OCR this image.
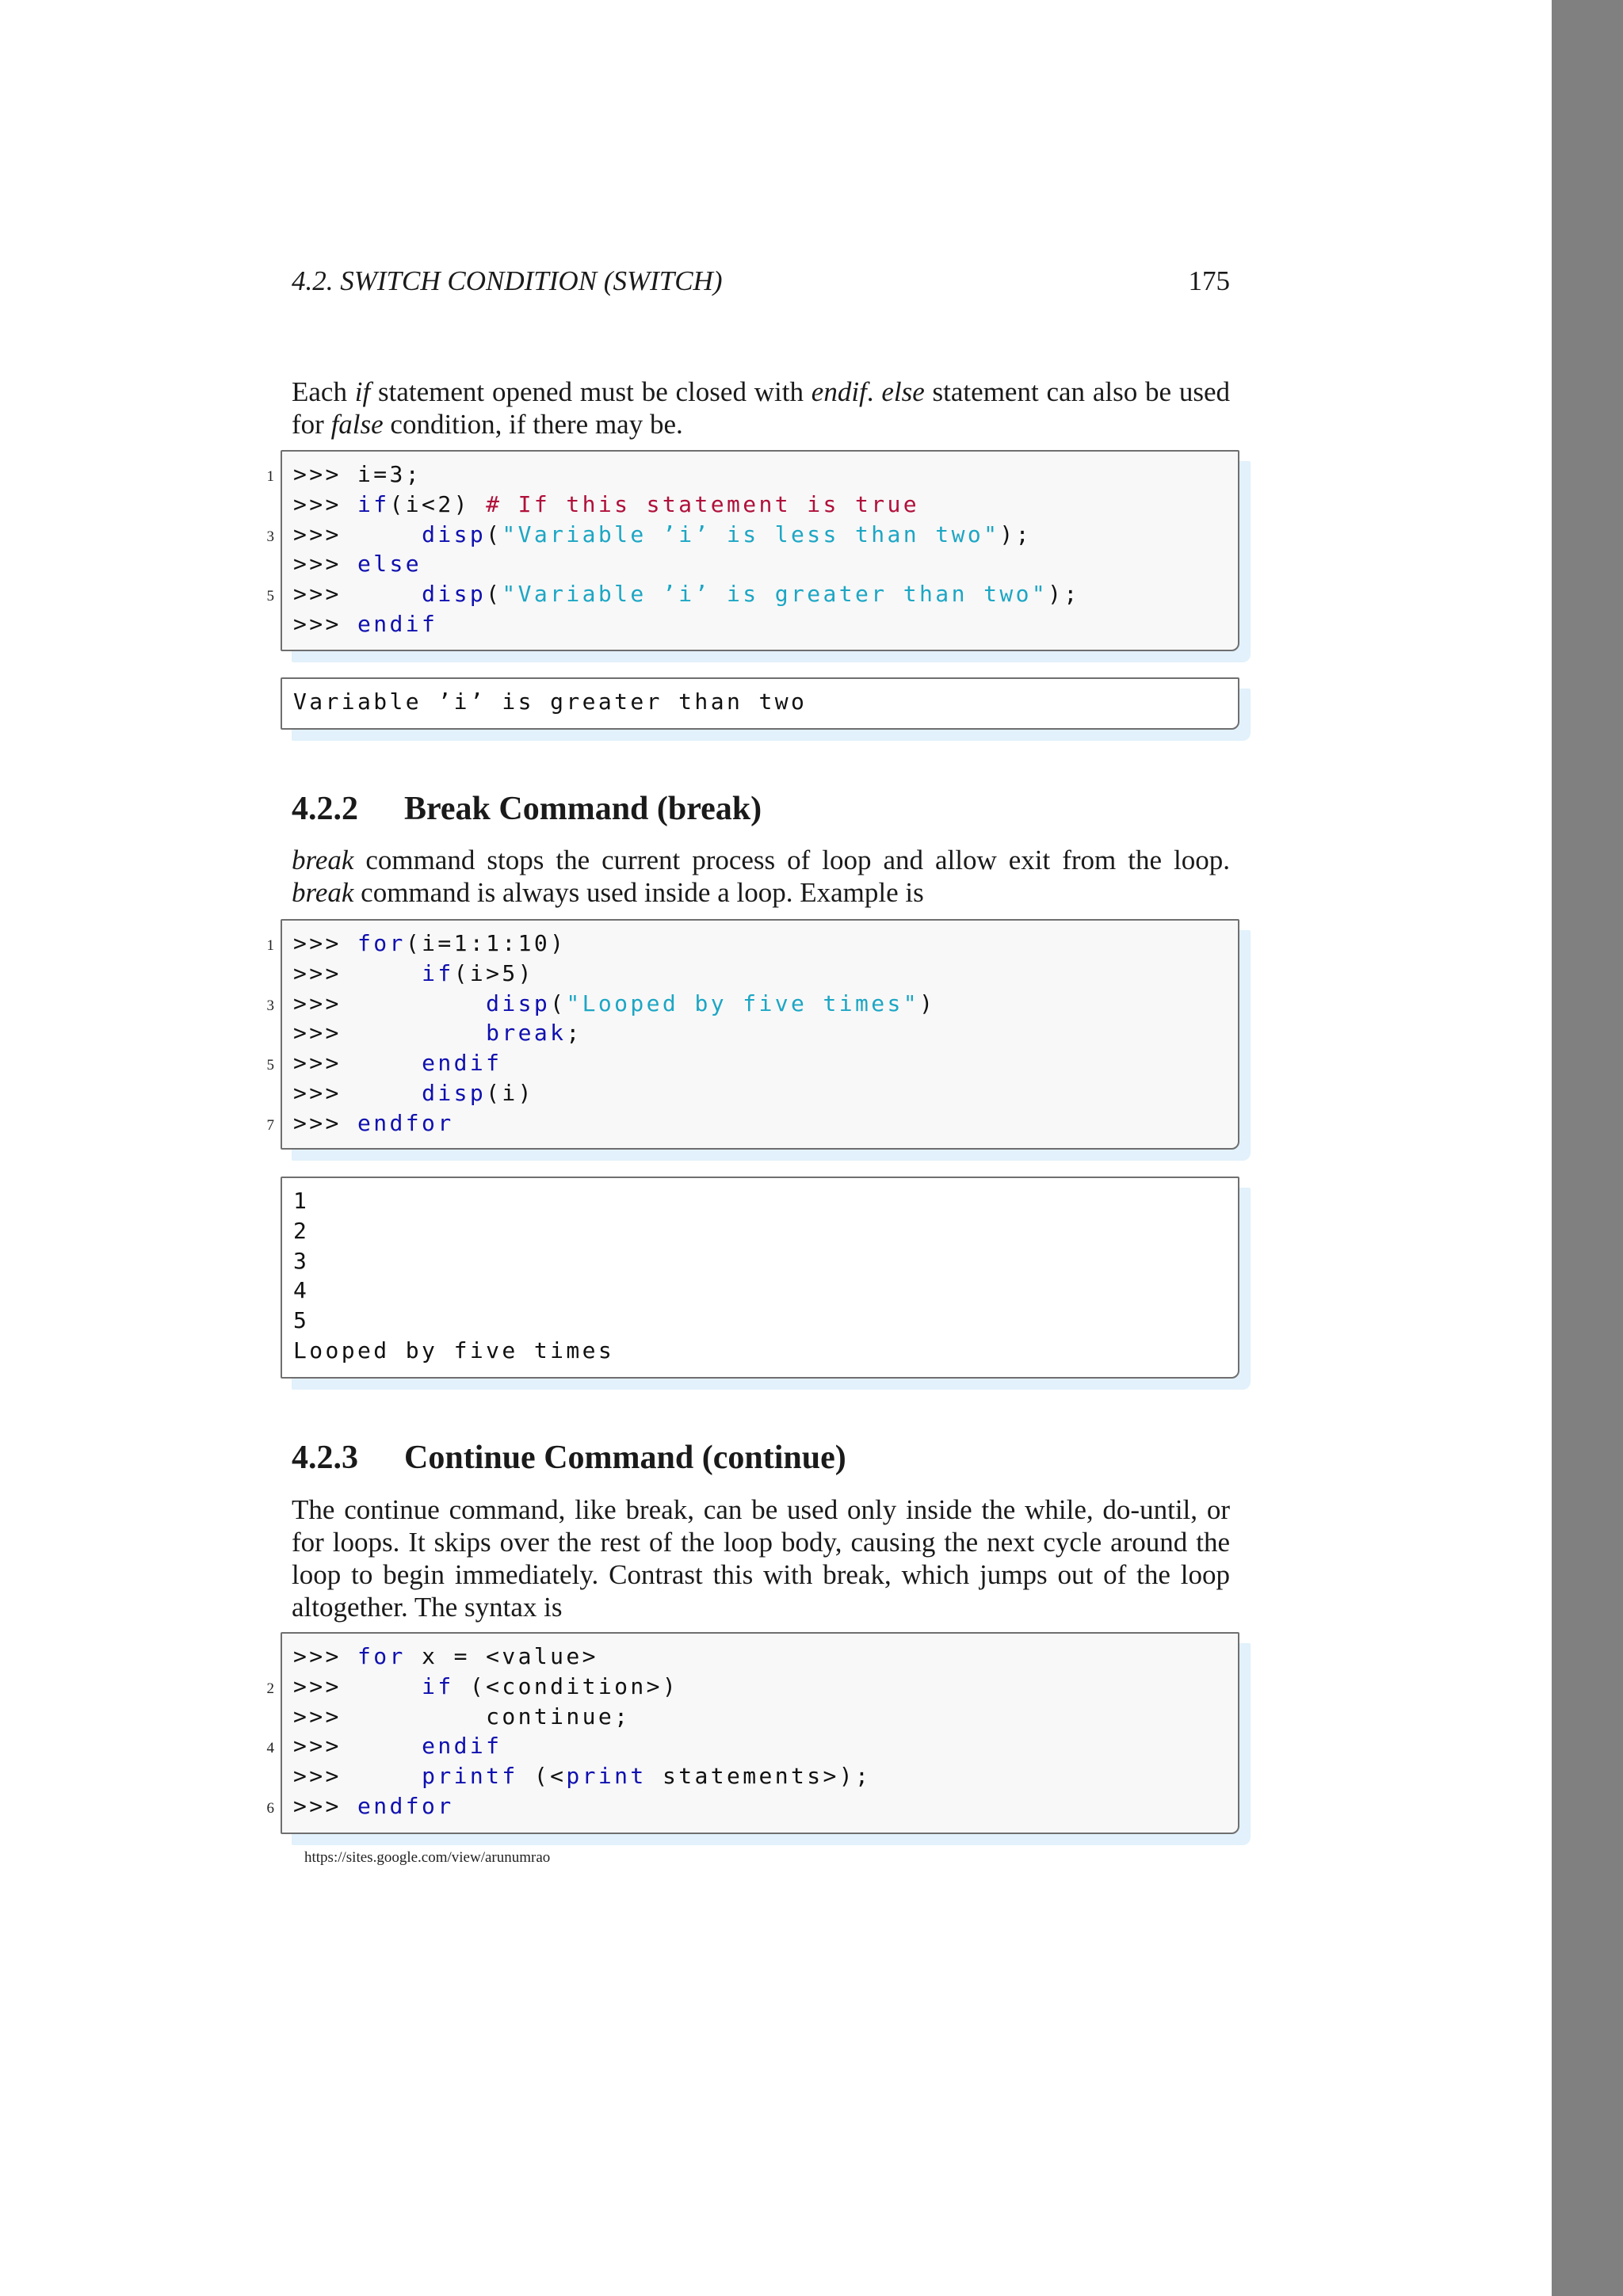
4.2. SWITCH CONDITION (SWITCH)	175

Each if statement opened must be closed with endif. else statement can also be used for false condition, if there may be.

>>> i=3;
>>> if(i<2) # If this statement is true
>>>     disp("Variable ’i’ is less than two");
>>> else
>>>     disp("Variable ’i’ is greater than two");
>>> endif
1
3
5
Variable ’i’ is greater than two
4.2.2 Break Command (break)

break command stops the current process of loop and allow exit from the loop. break command is always used inside a loop. Example is

>>> for(i=1:1:10)
>>>     if(i>5)
>>>         disp("Looped by five times")
>>>         break;
>>>     endif
>>>     disp(i)
>>> endfor
1
3
5
7
1
2
3
4
5
Looped by five times
4.2.3 Continue Command (continue)

The continue command, like break, can be used only inside the while, do-until, or for loops. It skips over the rest of the loop body, causing the next cycle around the loop to begin immediately. Contrast this with break, which jumps out of the loop altogether. The syntax is

>>> for x = <value>
>>>     if (<condition>)
>>>         continue;
>>>     endif
>>>     printf (<print statements>);
>>> endfor
2
4
6
https://sites.google.com/view/arunumrao
